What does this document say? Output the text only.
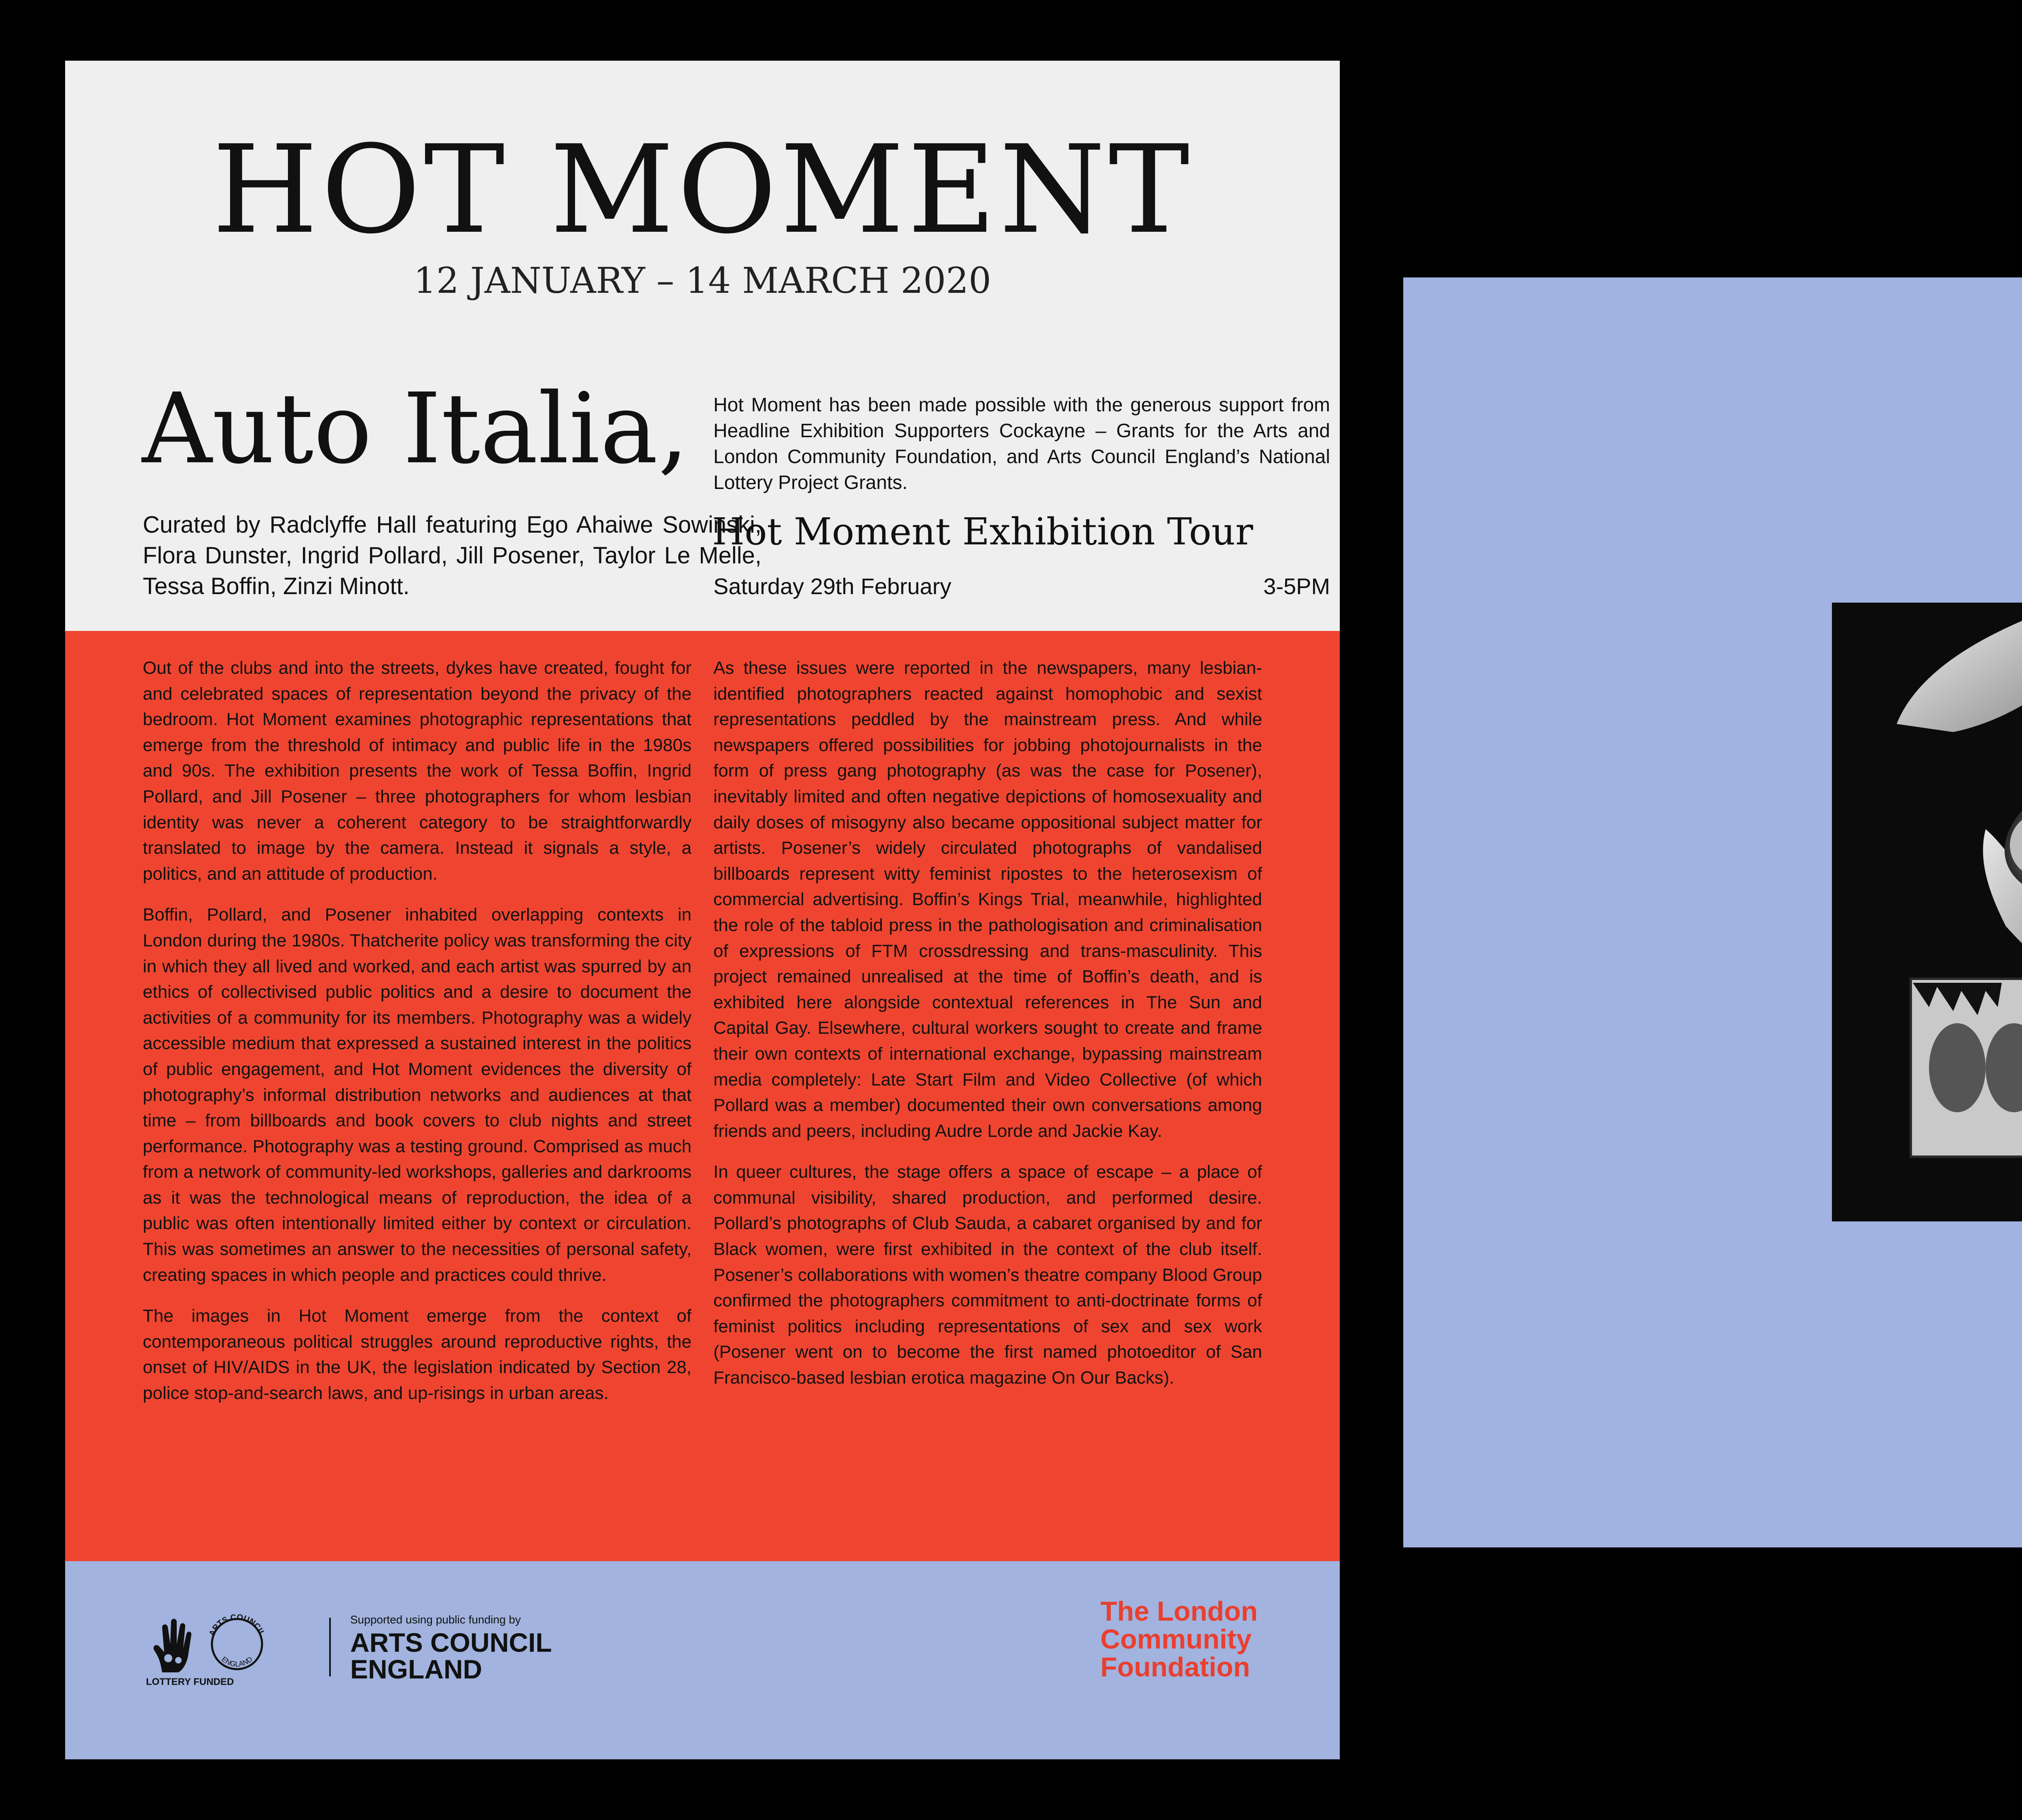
HOT MOMENT
12 JANUARY – 14 MARCH 2020
Auto Italia,
Curated by Radclyffe Hall featuring Ego Ahaiwe Sowinski, Flora Dunster, Ingrid Pollard, Jill Posener, Taylor Le Melle, Tessa Boffin, Zinzi Minott.
Hot Moment has been made possible with the generous support from Headline Exhibition Supporters Cockayne – Grants for the Arts and London Community Foundation, and Arts Council England’s National Lottery Project Grants.
Hot Moment Exhibition Tour
Saturday 29th February	3-5PM

Out of the clubs and into the streets, dykes have created, fought for and celebrated spaces of representation beyond the privacy of the bedroom. Hot Moment examines photographic representations that emerge from the threshold of intimacy and public life in the 1980s and 90s. The exhibition presents the work of Tessa Boffin, Ingrid Pollard, and Jill Posener – three photographers for whom lesbian identity was never a coherent category to be straightforwardly translated to image by the camera. Instead it signals a style, a politics, and an attitude of production.

Boffin, Pollard, and Posener inhabited overlapping contexts in London during the 1980s. Thatcherite policy was transforming the city in which they all lived and worked, and each artist was spurred by an ethics of collectivised public politics and a desire to document the activities of a community for its members. Photography was a widely accessible medium that expressed a sustained interest in the politics of public engagement, and Hot Moment evidences the diversity of photography’s informal distribution networks and audiences at that time – from billboards and book covers to club nights and street performance. Photography was a testing ground. Comprised as much from a network of community-led workshops, galleries and darkrooms as it was the technological means of reproduction, the idea of a public was often intentionally limited either by context or circulation. This was sometimes an answer to the necessities of personal safety, creating spaces in which people and practices could thrive.

The images in Hot Moment emerge from the context of contemporaneous political struggles around reproductive rights, the onset of HIV/AIDS in the UK, the legislation indicated by Section 28, police stop-and-search laws, and up-risings in urban areas.

As these issues were reported in the newspapers, many lesbian-identified photographers reacted against homophobic and sexist representations peddled by the mainstream press. And while newspapers offered possibilities for jobbing photojournalists in the form of press gang photography (as was the case for Posener), inevitably limited and often negative depictions of homosexuality and daily doses of misogyny also became oppositional subject matter for artists. Posener’s widely circulated photographs of vandalised billboards represent witty feminist ripostes to the heterosexism of commercial advertising. Boffin’s Kings Trial, meanwhile, highlighted the role of the tabloid press in the pathologisation and criminalisation of expressions of FTM crossdressing and trans-masculinity. This project remained unrealised at the time of Boffin’s death, and is exhibited here alongside contextual references in The Sun and Capital Gay. Elsewhere, cultural workers sought to create and frame their own contexts of international exchange, bypassing mainstream media completely: Late Start Film and Video Collective (of which Pollard was a member) documented their own conversations among friends and peers, including Audre Lorde and Jackie Kay.

In queer cultures, the stage offers a space of escape – a place of communal visibility, shared production, and performed desire. Pollard’s photographs of Club Sauda, a cabaret organised by and for Black women, were first exhibited in the context of the club itself. Posener’s collaborations with women’s theatre company Blood Group confirmed the photographers commitment to anti-doctrinate forms of feminist politics including representations of sex and sex work (Posener went on to become the first named photoeditor of San Francisco-based lesbian erotica magazine On Our Backs).

ARTS COUNCIL
ENGLAND
LOTTERY FUNDED
Supported using public funding by
ARTS COUNCIL
ENGLAND
The London
Community
Foundation
